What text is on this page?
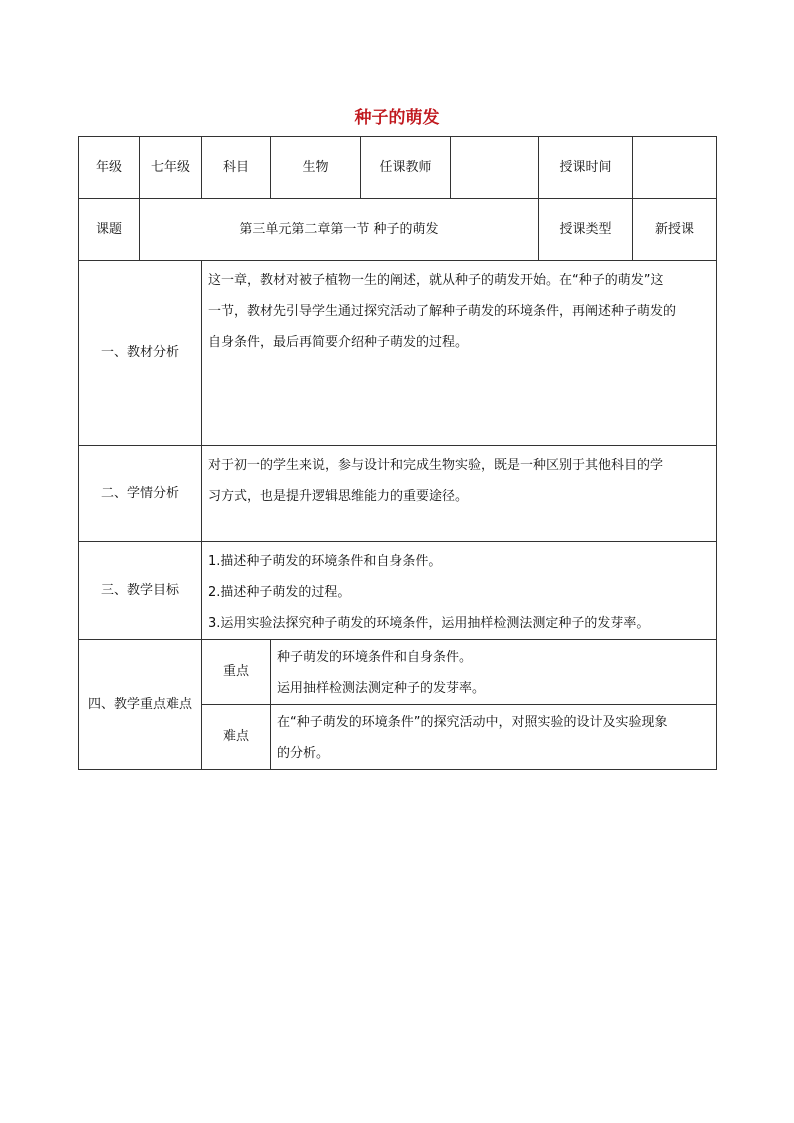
种子的萌发
年级	七年级	科目	生物	任课教师		授课时间	
课题	第三单元第二章第一节 种子的萌发					授课类型	新授课
一、教材分析		这一章，教材对被子植物一生的阐述，就从种子的萌发开始。在“种子的萌发”这
一节，教材先引导学生通过探究活动了解种子萌发的环境条件，再阐述种子萌发的
自身条件，最后再简要介绍种子萌发的过程。					

二、学情分析		对于初一的学生来说，参与设计和完成生物实验，既是一种区别于其他科目的学
习方式，也是提升逻辑思维能力的重要途径。					

三、教学目标		1.描述种子萌发的环境条件和自身条件。
2.描述种子萌发的过程。
3.运用实验法探究种子萌发的环境条件，运用抽样检测法测定种子的发芽率。					

四、教学重点难点		重点	种子萌发的环境条件和自身条件。
运用抽样检测法测定种子的发芽率。				

		难点	在“种子萌发的环境条件”的探究活动中，对照实验的设计及实验现象
的分析。				
